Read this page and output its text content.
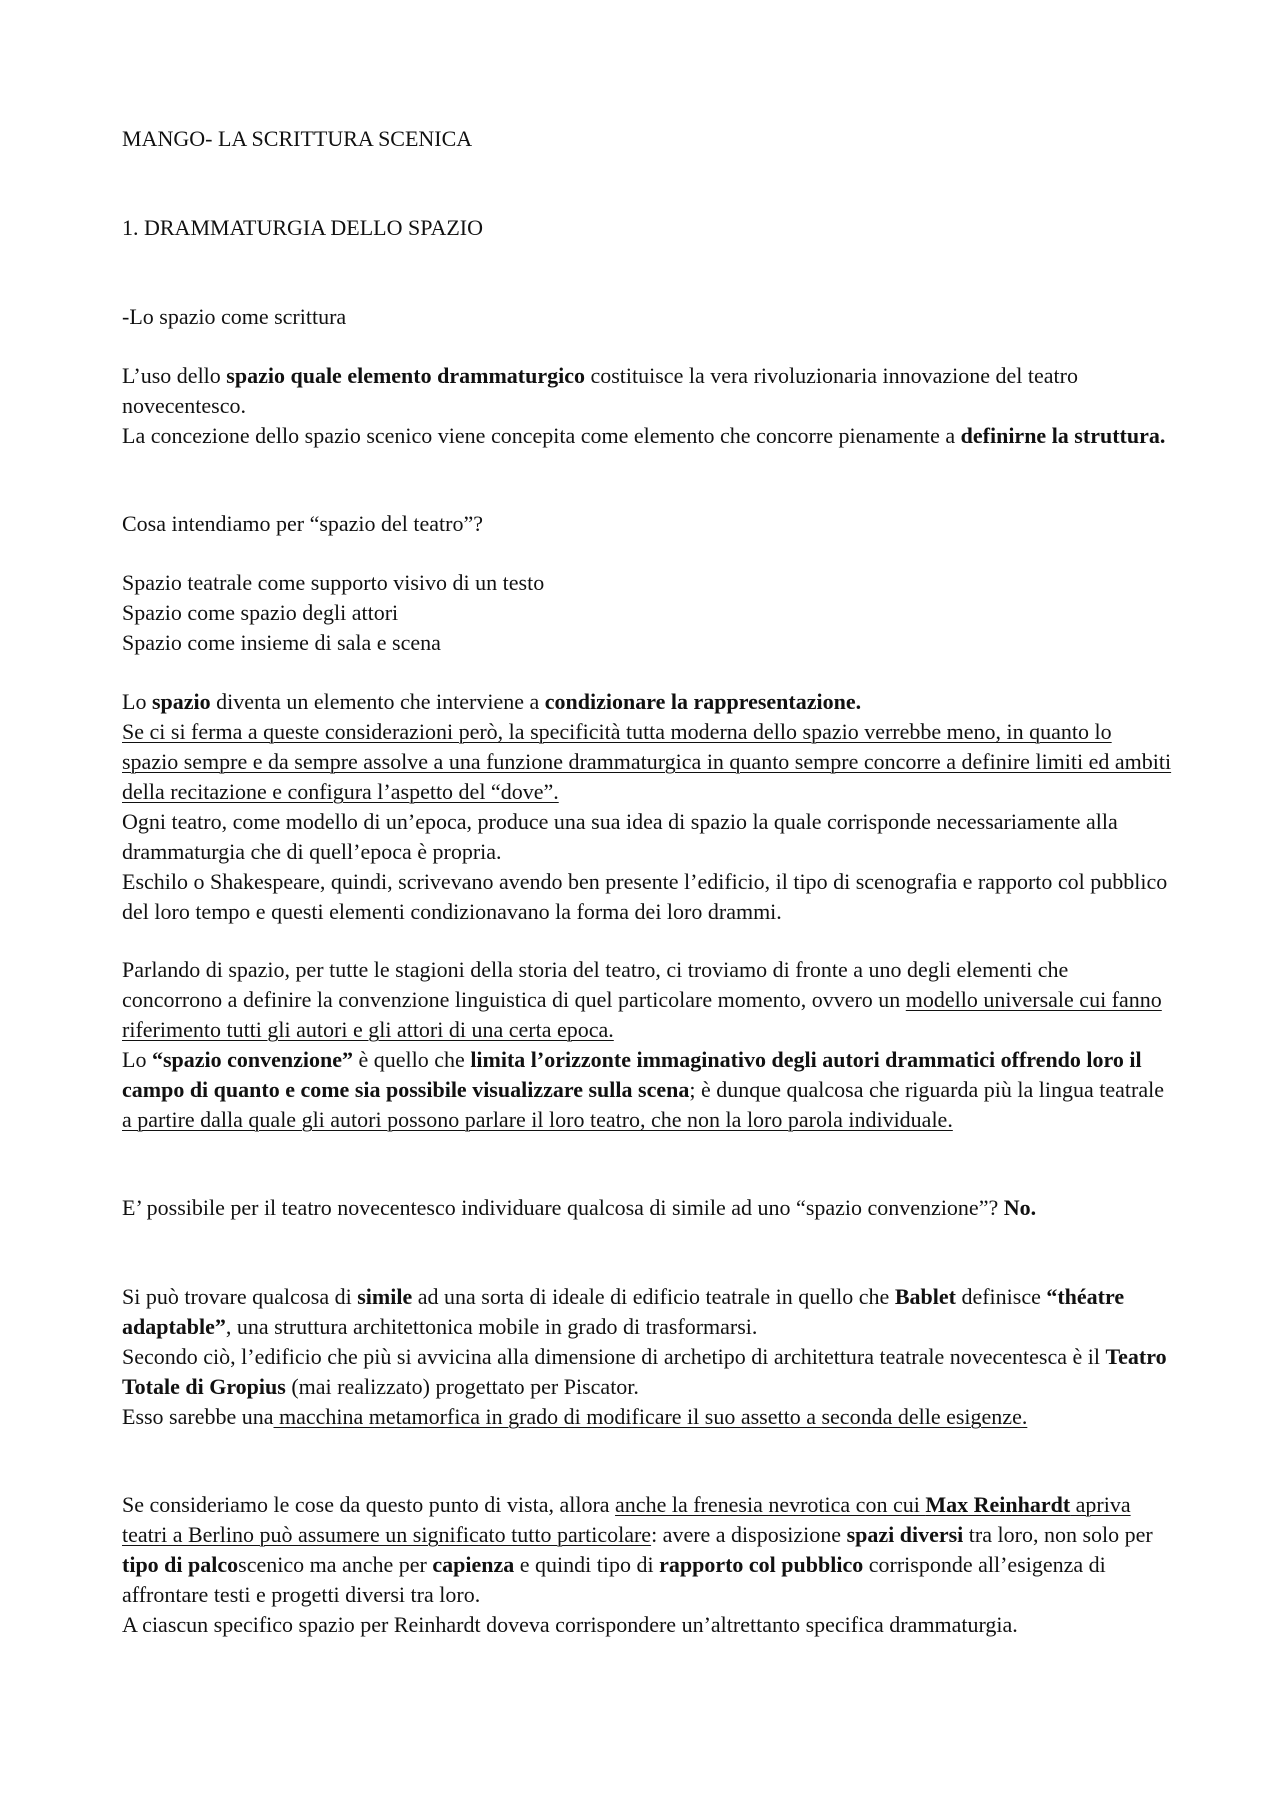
MANGO- LA SCRITTURA SCENICA

1. DRAMMATURGIA DELLO SPAZIO

-Lo spazio come scrittura

L’uso dello spazio quale elemento drammaturgico costituisce la vera rivoluzionaria innovazione del teatro novecentesco.
La concezione dello spazio scenico viene concepita come elemento che concorre pienamente a definirne la struttura.

Cosa intendiamo per “spazio del teatro”?

Spazio teatrale come supporto visivo di un testo
Spazio come spazio degli attori
Spazio come insieme di sala e scena

Lo spazio diventa un elemento che interviene a condizionare la rappresentazione.
Se ci si ferma a queste considerazioni però, la specificità tutta moderna dello spazio verrebbe meno, in quanto lo spazio sempre e da sempre assolve a una funzione drammaturgica in quanto sempre concorre a definire limiti ed ambiti della recitazione e configura l’aspetto del “dove”.
Ogni teatro, come modello di un’epoca, produce una sua idea di spazio la quale corrisponde necessariamente alla drammaturgia che di quell’epoca è propria.
Eschilo o Shakespeare, quindi, scrivevano avendo ben presente l’edificio, il tipo di scenografia e rapporto col pubblico del loro tempo e questi elementi condizionavano la forma dei loro drammi.

Parlando di spazio, per tutte le stagioni della storia del teatro, ci troviamo di fronte a uno degli elementi che concorrono a definire la convenzione linguistica di quel particolare momento, ovvero un modello universale cui fanno riferimento tutti gli autori e gli attori di una certa epoca.
Lo “spazio convenzione” è quello che limita l’orizzonte immaginativo degli autori drammatici offrendo loro il campo di quanto e come sia possibile visualizzare sulla scena; è dunque qualcosa che riguarda più la lingua teatrale a partire dalla quale gli autori possono parlare il loro teatro, che non la loro parola individuale.

E’ possibile per il teatro novecentesco individuare qualcosa di simile ad uno “spazio convenzione”? No.

Si può trovare qualcosa di simile ad una sorta di ideale di edificio teatrale in quello che Bablet definisce “théatre adaptable”, una struttura architettonica mobile in grado di trasformarsi.
Secondo ciò, l’edificio che più si avvicina alla dimensione di archetipo di architettura teatrale novecentesca è il Teatro Totale di Gropius (mai realizzato) progettato per Piscator.
Esso sarebbe una macchina metamorfica in grado di modificare il suo assetto a seconda delle esigenze.

Se consideriamo le cose da questo punto di vista, allora anche la frenesia nevrotica con cui Max Reinhardt apriva teatri a Berlino può assumere un significato tutto particolare: avere a disposizione spazi diversi tra loro, non solo per tipo di palcoscenico ma anche per capienza e quindi tipo di rapporto col pubblico corrisponde all’esigenza di affrontare testi e progetti diversi tra loro.
A ciascun specifico spazio per Reinhardt doveva corrispondere un’altrettanto specifica drammaturgia.
